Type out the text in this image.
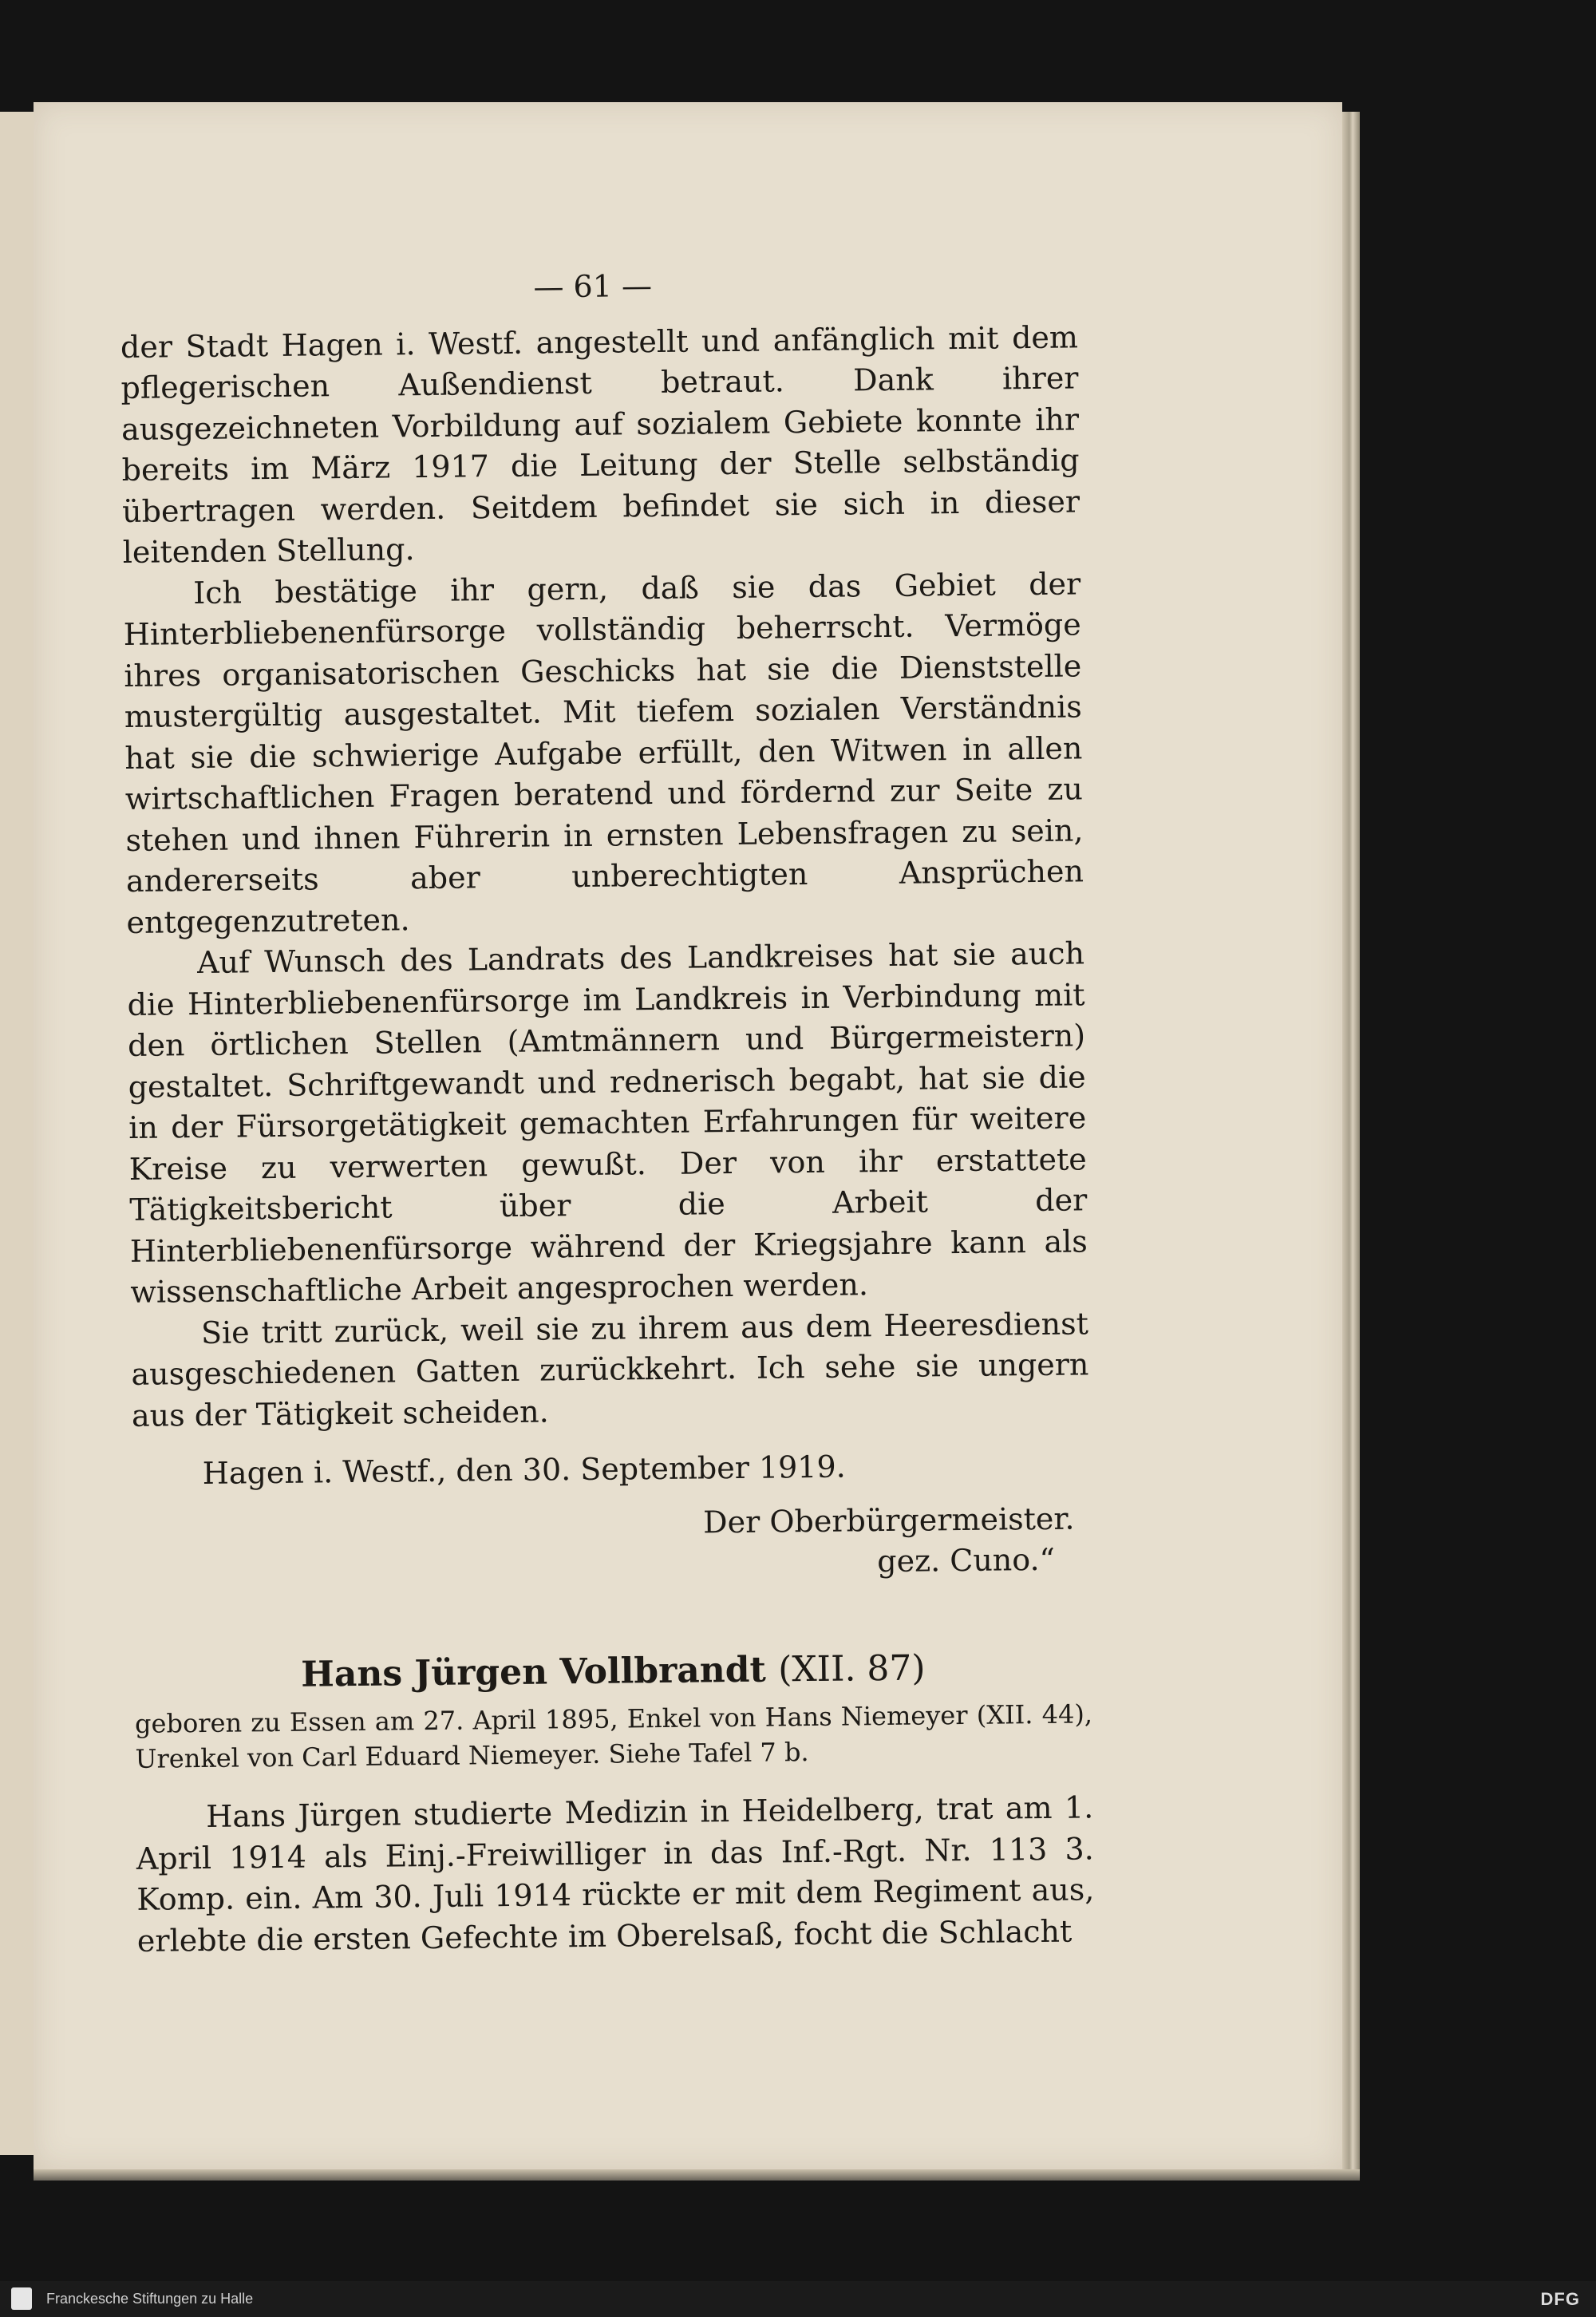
— 61 —

der Stadt Hagen i. Westf. angestellt und anfänglich mit dem pflegerischen Außendienst betraut. Dank ihrer ausgezeichneten Vorbildung auf sozialem Gebiete konnte ihr bereits im März 1917 die Leitung der Stelle selbständig übertragen werden. Seitdem befindet sie sich in dieser leitenden Stellung.

Ich bestätige ihr gern, daß sie das Gebiet der Hinterbliebenenfürsorge vollständig beherrscht. Vermöge ihres organisatorischen Geschicks hat sie die Dienststelle mustergültig ausgestaltet. Mit tiefem sozialen Verständnis hat sie die schwierige Aufgabe erfüllt, den Witwen in allen wirtschaftlichen Fragen beratend und fördernd zur Seite zu stehen und ihnen Führerin in ernsten Lebensfragen zu sein, andererseits aber unberechtigten Ansprüchen entgegenzutreten.

Auf Wunsch des Landrats des Landkreises hat sie auch die Hinterbliebenenfürsorge im Landkreis in Verbindung mit den örtlichen Stellen (Amtmännern und Bürgermeistern) gestaltet. Schriftgewandt und rednerisch begabt, hat sie die in der Fürsorgetätigkeit gemachten Erfahrungen für weitere Kreise zu verwerten gewußt. Der von ihr erstattete Tätigkeitsbericht über die Arbeit der Hinterbliebenenfürsorge während der Kriegsjahre kann als wissenschaftliche Arbeit angesprochen werden.

Sie tritt zurück, weil sie zu ihrem aus dem Heeresdienst ausgeschiedenen Gatten zurückkehrt. Ich sehe sie ungern aus der Tätigkeit scheiden.

Hagen i. Westf., den 30. September 1919.
Der Oberbürgermeister.
gez. Cuno.“
Hans Jürgen Vollbrandt (XII. 87)
geboren zu Essen am 27. April 1895, Enkel von Hans Niemeyer (XII. 44), Urenkel von Carl Eduard Niemeyer. Siehe Tafel 7 b.

Hans Jürgen studierte Medizin in Heidelberg, trat am 1. April 1914 als Einj.-Freiwilliger in das Inf.-Rgt. Nr. 113 3. Komp. ein. Am 30. Juli 1914 rückte er mit dem Regiment aus, erlebte die ersten Gefechte im Oberelsaß, focht die Schlacht

Franckesche Stiftungen zu Halle	DFG
